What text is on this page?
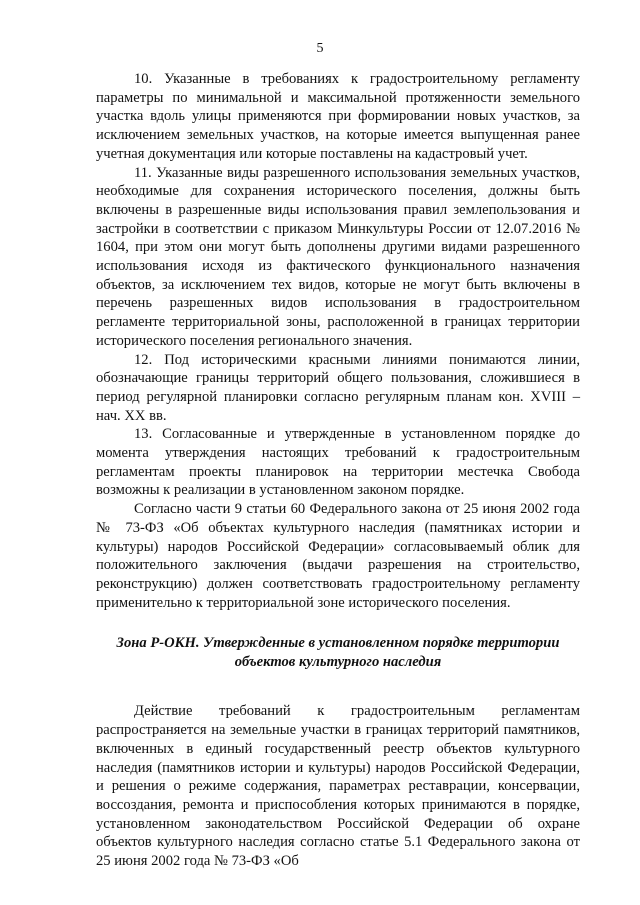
5

10. Указанные в требованиях к градостроительному регламенту параметры по минимальной и максимальной протяженности земельного участка вдоль улицы применяются при формировании новых участков, за исключением земельных участков, на которые имеется выпущенная ранее учетная документация или которые поставлены на кадастровый учет.

11. Указанные виды разрешенного использования земельных участков, необходимые для сохранения исторического поселения, должны быть включены в разрешенные виды использования правил землепользования и застройки в соответствии с приказом Минкультуры России от 12.07.2016 № 1604, при этом они могут быть дополнены другими видами разрешенного использования исходя из фактического функционального назначения объектов, за исключением тех видов, которые не могут быть включены в перечень разрешенных видов использования в градостроительном регламенте территориальной зоны, расположенной в границах территории исторического поселения регионального значения.

12. Под историческими красными линиями понимаются линии, обозначающие границы территорий общего пользования, сложившиеся в период регулярной планировки согласно регулярным планам кон. XVIII – нач. XX вв.

13. Согласованные и утвержденные в установленном порядке до момента утверждения настоящих требований к градостроительным регламентам проекты планировок на территории местечка Свобода возможны к реализации в установленном законом порядке.

Согласно части 9 статьи 60 Федерального закона от 25 июня 2002 года № 73-ФЗ «Об объектах культурного наследия (памятниках истории и культуры) народов Российской Федерации» согласовываемый облик для положительного заключения (выдачи разрешения на строительство, реконструкцию) должен соответствовать градостроительному регламенту применительно к территориальной зоне исторического поселения.

Зона Р-ОКН. Утвержденные в установленном порядке территории
объектов культурного наследия

Действие требований к градостроительным регламентам распространяется на земельные участки в границах территорий памятников, включенных в единый государственный реестр объектов культурного наследия (памятников истории и культуры) народов Российской Федерации, и решения о режиме содержания, параметрах реставрации, консервации, воссоздания, ремонта и приспособления которых принимаются в порядке, установленном законодательством Российской Федерации об охране объектов культурного наследия согласно статье 5.1 Федерального закона от 25 июня 2002 года № 73-ФЗ «Об
